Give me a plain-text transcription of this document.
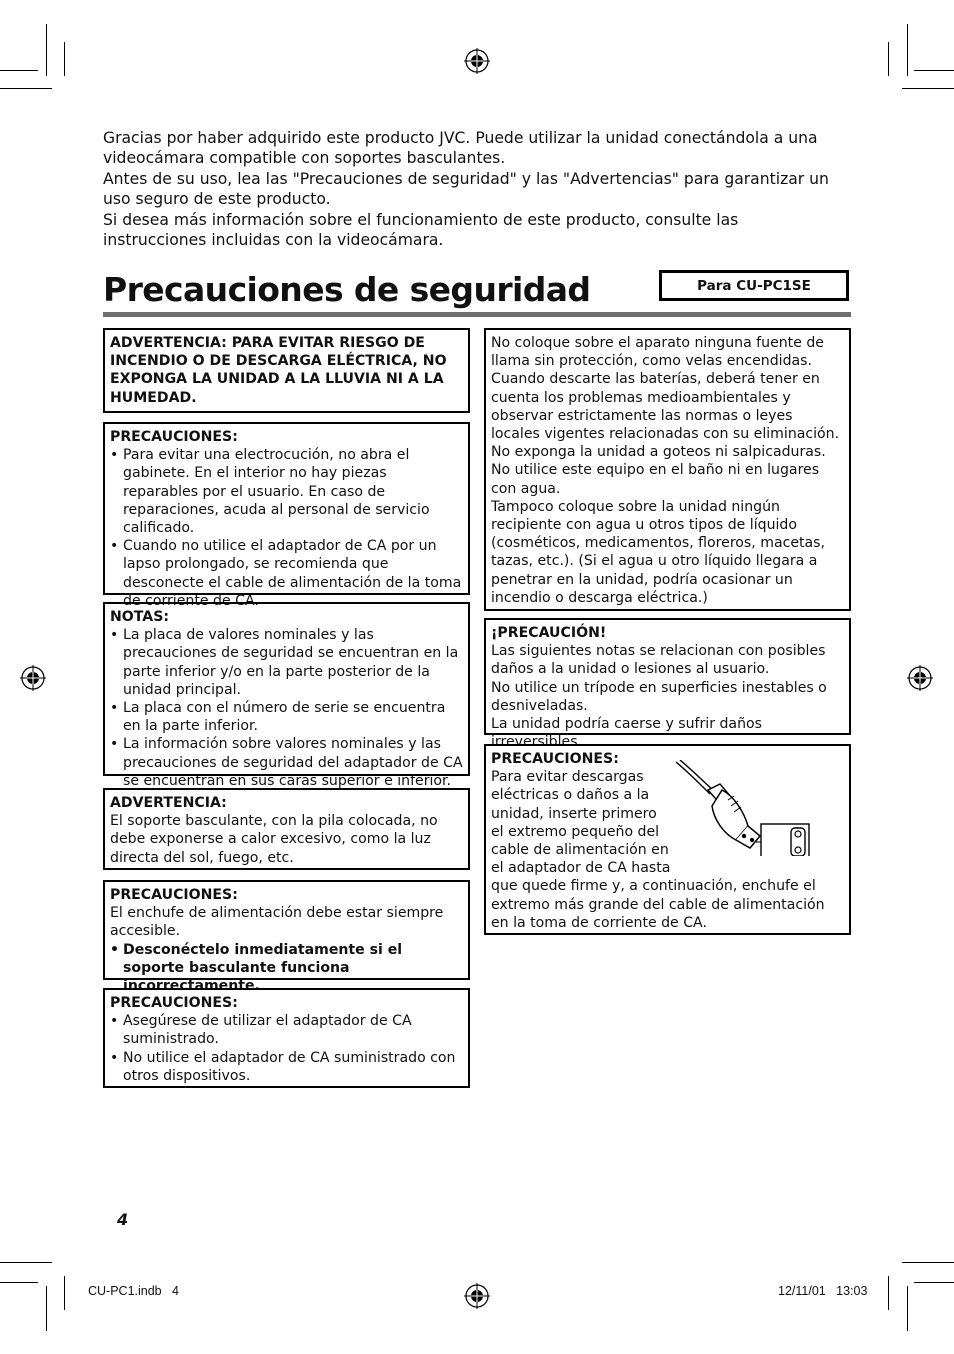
Gracias por haber adquirido este producto JVC. Puede utilizar la unidad conectándola a una videocámara compatible con soportes basculantes.

Antes de su uso, lea las "Precauciones de seguridad" y las "Advertencias" para garantizar un uso seguro de este producto.

Si desea más información sobre el funcionamiento de este producto, consulte las instrucciones incluidas con la videocámara.

Precauciones de seguridad	Para CU-PC1SE

ADVERTENCIA: PARA EVITAR RIESGO DE INCENDIO O DE DESCARGA ELÉCTRICA, NO EXPONGA LA UNIDAD A LA LLUVIA NI A LA HUMEDAD.

PRECAUCIONES:
• Para evitar una electrocución, no abra el gabinete. En el interior no hay piezas reparables por el usuario. En caso de reparaciones, acuda al personal de servicio calificado.
• Cuando no utilice el adaptador de CA por un lapso prolongado, se recomienda que desconecte el cable de alimentación de la toma de corriente de CA.
NOTAS:
• La placa de valores nominales y las precauciones de seguridad se encuentran en la parte inferior y/o en la parte posterior de la unidad principal.
• La placa con el número de serie se encuentra en la parte inferior.
• La información sobre valores nominales y las precauciones de seguridad del adaptador de CA se encuentran en sus caras superior e inferior.
ADVERTENCIA:

El soporte basculante, con la pila colocada, no debe exponerse a calor excesivo, como la luz directa del sol, fuego, etc.

PRECAUCIONES:

El enchufe de alimentación debe estar siempre accesible.

• Desconéctelo inmediatamente si el soporte basculante funciona incorrectamente.
PRECAUCIONES:
• Asegúrese de utilizar el adaptador de CA suministrado.
• No utilice el adaptador de CA suministrado con otros dispositivos.

No coloque sobre el aparato ninguna fuente de llama sin protección, como velas encendidas.

Cuando descarte las baterías, deberá tener en cuenta los problemas medioambientales y observar estrictamente las normas o leyes locales vigentes relacionadas con su eliminación.

No exponga la unidad a goteos ni salpicaduras.

No utilice este equipo en el baño ni en lugares con agua.

Tampoco coloque sobre la unidad ningún recipiente con agua u otros tipos de líquido (cosméticos, medicamentos, floreros, macetas, tazas, etc.). (Si el agua u otro líquido llegara a penetrar en la unidad, podría ocasionar un incendio o descarga eléctrica.)

¡PRECAUCIÓN!

Las siguientes notas se relacionan con posibles daños a la unidad o lesiones al usuario.

No utilice un trípode en superficies inestables o desniveladas.

La unidad podría caerse y sufrir daños irreversibles.

PRECAUCIONES:

Para evitar descargas

eléctricas o daños a la

unidad, inserte primero

el extremo pequeño del

cable de alimentación en

el adaptador de CA hasta

que quede firme y, a continuación, enchufe el extremo más grande del cable de alimentación en la toma de corriente de CA.

4
CU-PC1.indb   4	12/11/01   13:03
